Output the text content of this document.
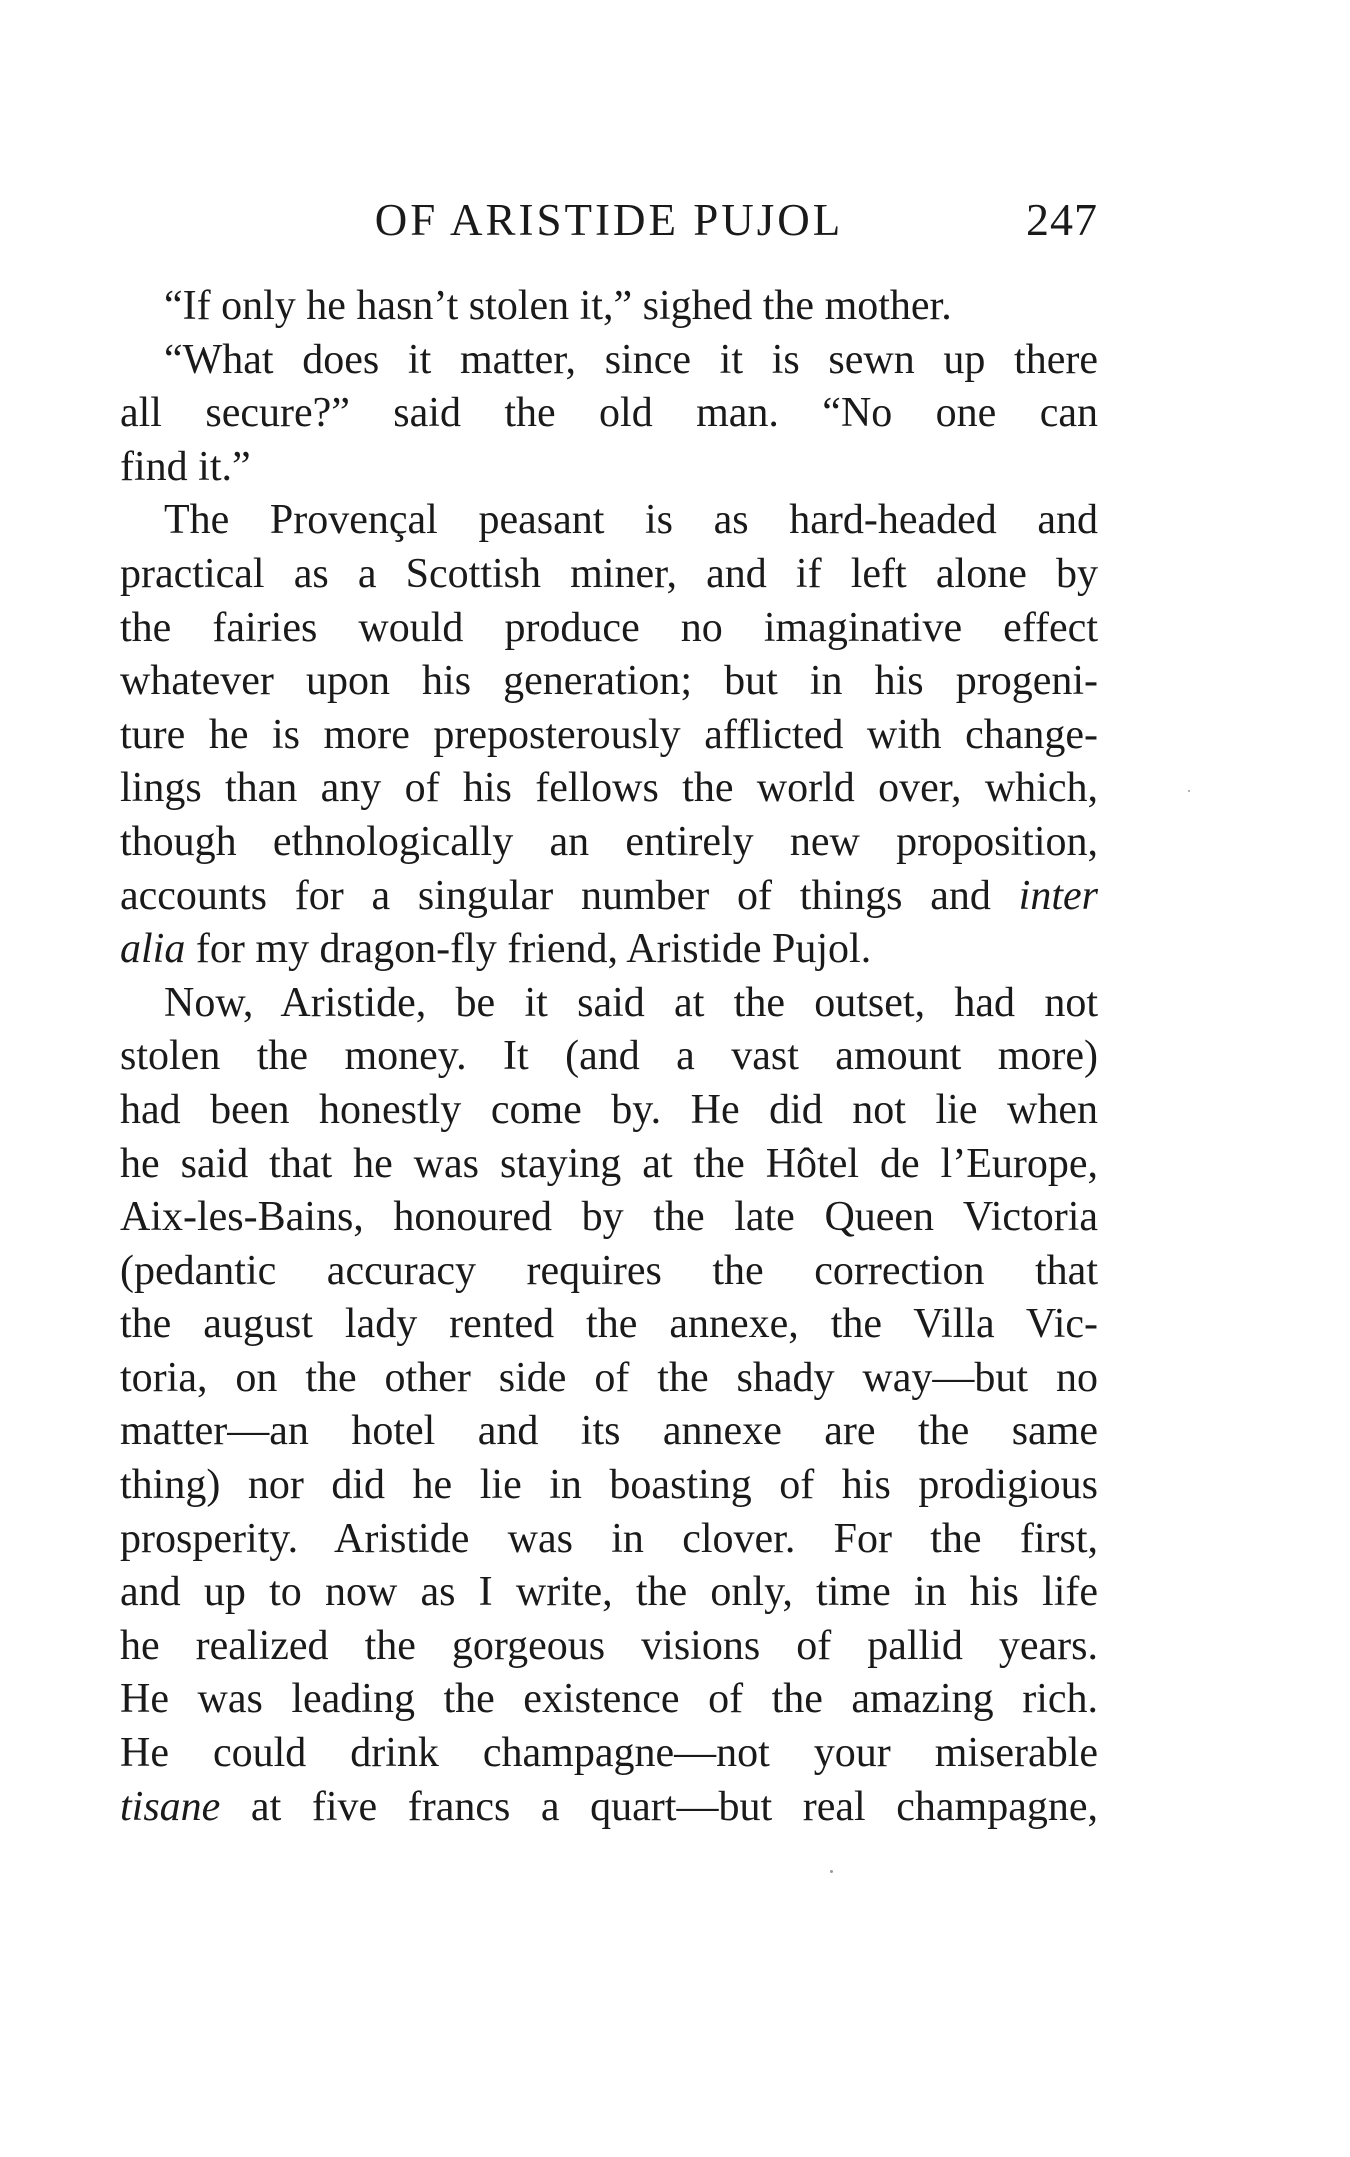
OF ARISTIDE PUJOL	247
“If only he hasn’t stolen it,” sighed the mother.
“What does it matter, since it is sewn up there
all secure?” said the old man. “No one can
find it.”
The Provençal peasant is as hard-headed and
practical as a Scottish miner, and if left alone by
the fairies would produce no imaginative effect
whatever upon his generation; but in his progeni-
ture he is more preposterously afflicted with change-
lings than any of his fellows the world over, which,
though ethnologically an entirely new proposition,
accounts for a singular number of things and inter
alia for my dragon-fly friend, Aristide Pujol.
Now, Aristide, be it said at the outset, had not
stolen the money. It (and a vast amount more)
had been honestly come by. He did not lie when
he said that he was staying at the Hôtel de l’Europe,
Aix-les-Bains, honoured by the late Queen Victoria
(pedantic accuracy requires the correction that
the august lady rented the annexe, the Villa Vic-
toria, on the other side of the shady way—but no
matter—an hotel and its annexe are the same
thing) nor did he lie in boasting of his prodigious
prosperity. Aristide was in clover. For the first,
and up to now as I write, the only, time in his life
he realized the gorgeous visions of pallid years.
He was leading the existence of the amazing rich.
He could drink champagne—not your miserable
tisane at five francs a quart—but real champagne,
